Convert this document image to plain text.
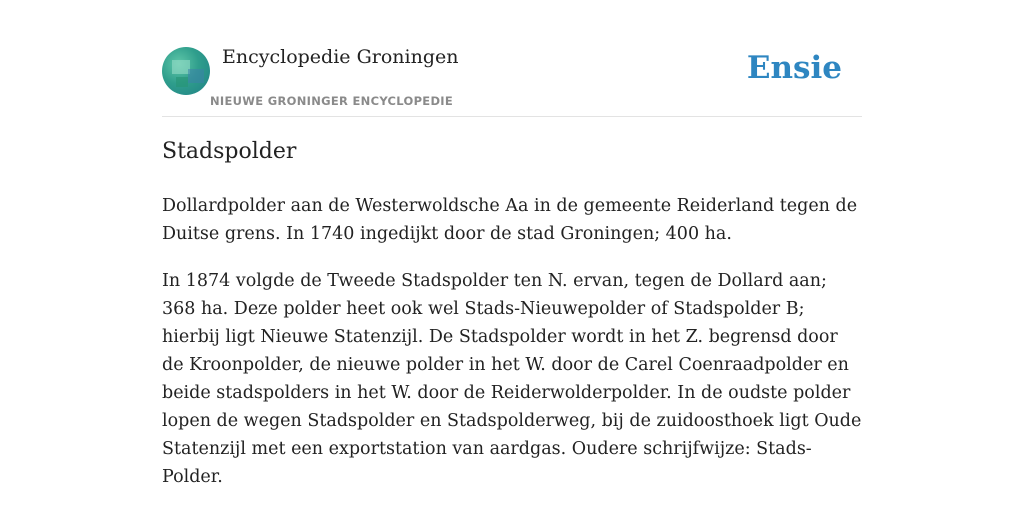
Encyclopedie Groningen
NIEUWE GRONINGER ENCYCLOPEDIE
Ensie
Stadspolder

Dollardpolder aan de Westerwoldsche Aa in de gemeente Reiderland tegen de Duitse grens. In 1740 ingedijkt door de stad Groningen; 400 ha.

In 1874 volgde de Tweede Stadspolder ten N. ervan, tegen de Dollard aan; 368 ha. Deze polder heet ook wel Stads-Nieuwepolder of Stadspolder B; hierbij ligt Nieuwe Statenzijl. De Stadspolder wordt in het Z. begrensd door de Kroonpolder, de nieuwe polder in het W. door de Carel Coenraadpolder en beide stadspolders in het W. door de Reiderwolderpolder. In de oudste polder lopen de wegen Stadspolder en Stadspolderweg, bij de zuidoosthoek ligt Oude Statenzijl met een exportstation van aardgas. Oudere schrijfwijze: Stads-Polder.
